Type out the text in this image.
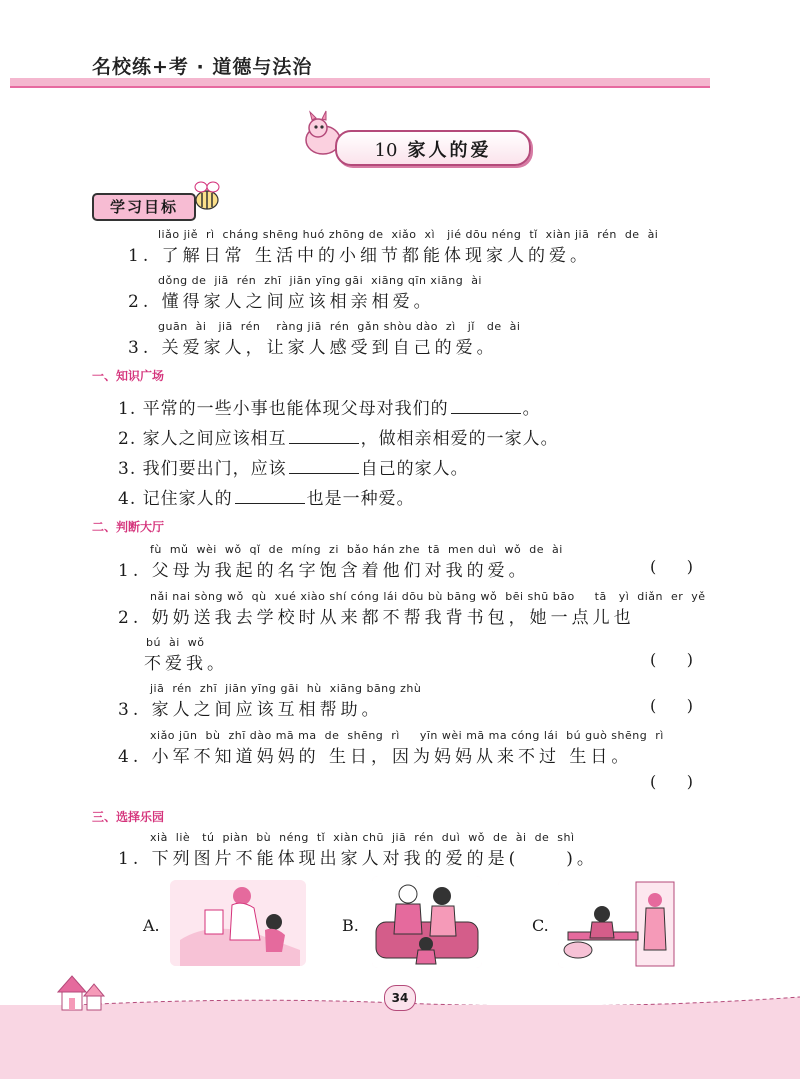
名校练+考 · 道德与法治
10 家人的爱
学习目标
liǎo jiě  rì  cháng shēng huó zhōng de  xiǎo  xì   jié dōu néng  tǐ  xiàn jiā  rén  de  ài
1. 了解日常 生活中的小细节都能体现家人的爱。
dǒng de  jiā  rén  zhī  jiān yīng gāi  xiāng qīn xiāng  ài
2. 懂得家人之间应该相亲相爱。
guān  ài   jiā  rén    ràng jiā  rén  gǎn shòu dào  zì   jǐ   de  ài
3. 关爱家人，让家人感受到自己的爱。
一、知识广场
1. 平常的一些小事也能体现父母对我们的	。
2. 家人之间应该相互	，做相亲相爱的一家人。
3. 我们要出门，应该	自己的家人。
4. 记住家人的	也是一种爱。
二、判断大厅
fù  mǔ  wèi  wǒ  qǐ  de  míng  zi  bǎo hán zhe  tā  men duì  wǒ  de  ài
1. 父母为我起的名字饱含着他们对我的爱。	(      )
nǎi nai sòng wǒ  qù  xué xiào shí cóng lái dōu bù bāng wǒ  bēi shū bāo     tā   yì  diǎn  er  yě
2. 奶奶送我去学校时从来都不帮我背书包，她一点儿也
bú  ài  wǒ
不爱我。	(      )
jiā  rén  zhī  jiān yīng gāi  hù  xiāng bāng zhù
3. 家人之间应该互相帮助。	(      )
xiǎo jūn  bù  zhī dào mā ma  de  shēng  rì     yīn wèi mā ma cóng lái  bú guò shēng  rì
4. 小军不知道妈妈的 生日，因为妈妈从来不过 生日。
(      )
三、选择乐园
xià  liè   tú  piàn  bù  néng  tǐ  xiàn chū  jiā  rén  duì  wǒ  de  ài  de  shì
1. 下列图片不能体现出家人对我的爱的是(     )。
A.	B.	C.
34
